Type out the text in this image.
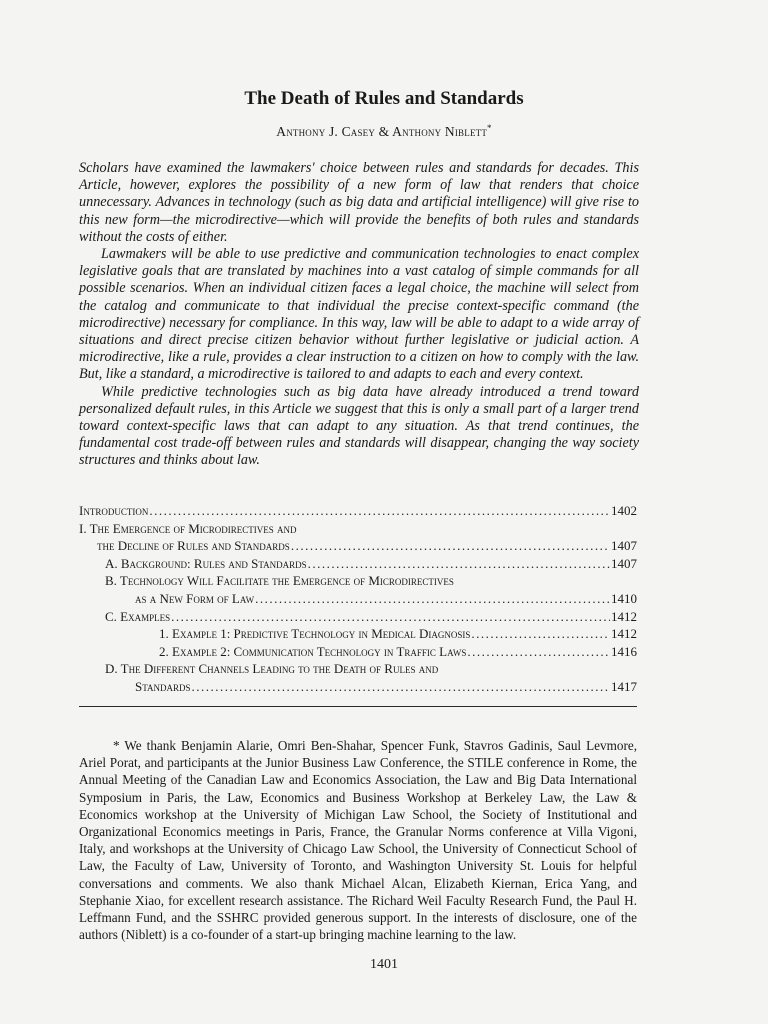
The Death of Rules and Standards
Anthony J. Casey & Anthony Niblett*

Scholars have examined the lawmakers' choice between rules and standards for decades. This Article, however, explores the possibility of a new form of law that renders that choice unnecessary. Advances in technology (such as big data and artificial intelligence) will give rise to this new form—the microdirective—which will provide the benefits of both rules and standards without the costs of either.

Lawmakers will be able to use predictive and communication technologies to enact complex legislative goals that are translated by machines into a vast catalog of simple commands for all possible scenarios. When an individual citizen faces a legal choice, the machine will select from the catalog and communicate to that individual the precise context-specific command (the microdirective) necessary for compliance. In this way, law will be able to adapt to a wide array of situations and direct precise citizen behavior without further legislative or judicial action. A microdirective, like a rule, provides a clear instruction to a citizen on how to comply with the law. But, like a standard, a microdirective is tailored to and adapts to each and every context.

While predictive technologies such as big data have already introduced a trend toward personalized default rules, in this Article we suggest that this is only a small part of a larger trend toward context-specific laws that can adapt to any situation. As that trend continues, the fundamental cost trade-off between rules and standards will disappear, changing the way society structures and thinks about law.

Introduction .....	1402
I. The Emergence of Microdirectives and
the Decline of Rules and Standards .....	1407
A. Background: Rules and Standards .....	1407
B. Technology Will Facilitate the Emergence of Microdirectives
as a New Form of Law .....	1410
C. Examples .....	1412
1. Example 1: Predictive Technology in Medical Diagnosis .....	1412
2. Example 2: Communication Technology in Traffic Laws .....	1416
D. The Different Channels Leading to the Death of Rules and
Standards .....	1417
* We thank Benjamin Alarie, Omri Ben-Shahar, Spencer Funk, Stavros Gadinis, Saul Levmore, Ariel Porat, and participants at the Junior Business Law Conference, the STILE conference in Rome, the Annual Meeting of the Canadian Law and Economics Association, the Law and Big Data International Symposium in Paris, the Law, Economics and Business Workshop at Berkeley Law, the Law & Economics workshop at the University of Michigan Law School, the Society of Institutional and Organizational Economics meetings in Paris, France, the Granular Norms conference at Villa Vigoni, Italy, and workshops at the University of Chicago Law School, the University of Connecticut School of Law, the Faculty of Law, University of Toronto, and Washington University St. Louis for helpful conversations and comments. We also thank Michael Alcan, Elizabeth Kiernan, Erica Yang, and Stephanie Xiao, for excellent research assistance. The Richard Weil Faculty Research Fund, the Paul H. Leffmann Fund, and the SSHRC provided generous support. In the interests of disclosure, one of the authors (Niblett) is a co-founder of a start-up bringing machine learning to the law.
1401
